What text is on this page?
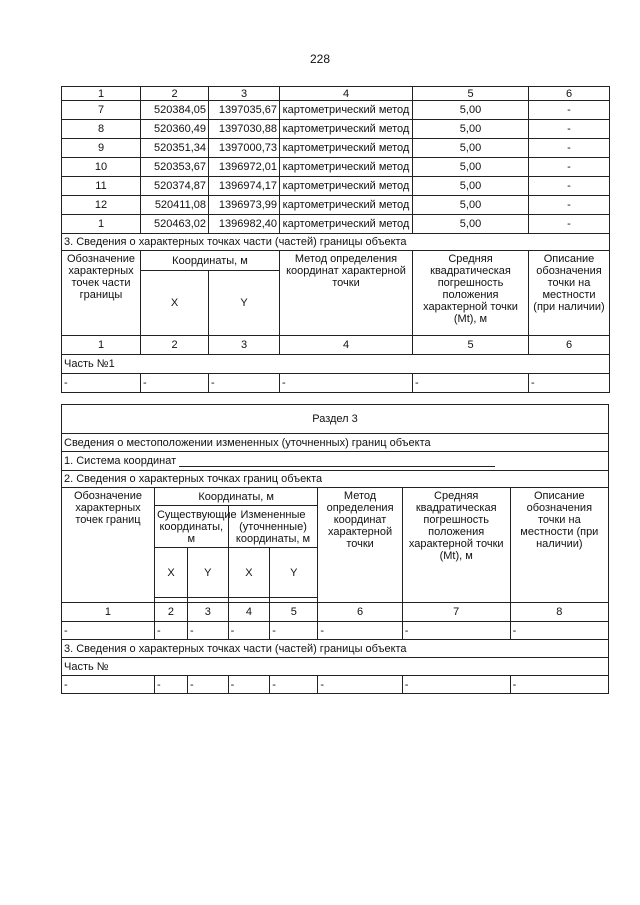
228
1	2	3	4	5	6
7	520384,05	1397035,67	картометрический метод	5,00	-
8	520360,49	1397030,88	картометрический метод	5,00	-
9	520351,34	1397000,73	картометрический метод	5,00	-
10	520353,67	1396972,01	картометрический метод	5,00	-
11	520374,87	1396974,17	картометрический метод	5,00	-
12	520411,08	1396973,99	картометрический метод	5,00	-
1	520463,02	1396982,40	картометрический метод	5,00	-
3. Сведения о характерных точках части (частей) границы объекта					
Обозначение характерных точек части границы	Координаты, м		Метод определения координат характерной точки	Средняя квадратическая погрешность положения характерной точки (Mt), м	Описание обозначения точки на местности (при наличии)
	X	Y			
1	2	3	4	5	6
Часть №1					
-	-	-	-	-	-
Раздел 3							
Сведения о местоположении измененных (уточненных) границ объекта							
1. Система координат							
2. Сведения о характерных точках границ объекта							
Обозначение характерных точек границ	Координаты, м				Метод определения координат характерной точки	Средняя квадратическая погрешность положения характерной точки (Mt), м	Описание обозначения точки на местности (при наличии)
	Существующие координаты, м		Измененные (уточненные) координаты, м				
	X	Y	X	Y			

1	2	3	4	5	6	7	8
-	-	-	-	-	-	-	-
3. Сведения о характерных точках части (частей) границы объекта							
Часть №							
-	-	-	-	-	-	-	-
